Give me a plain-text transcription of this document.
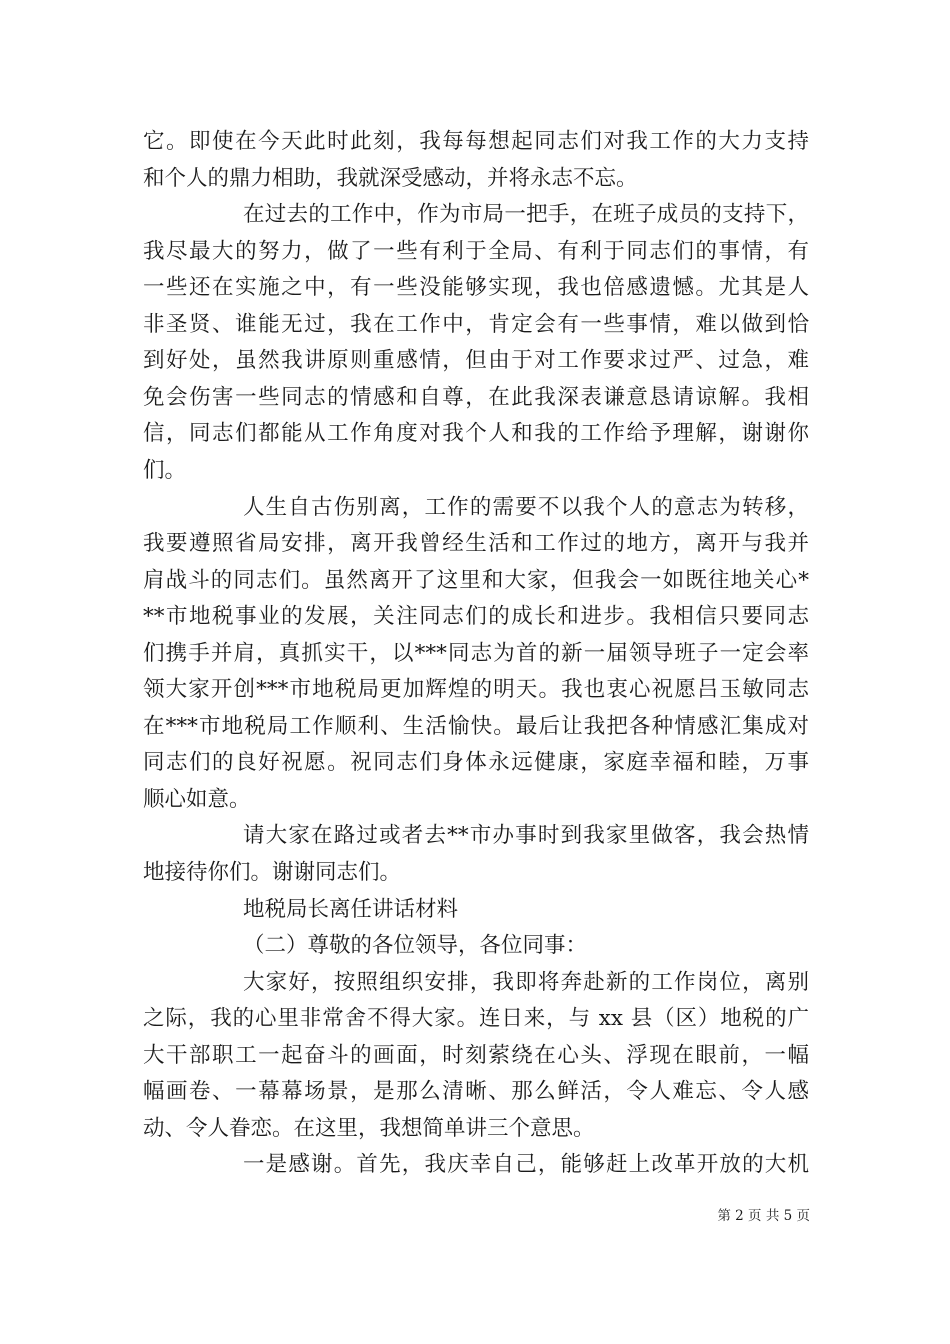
它。即使在今天此时此刻，我每每想起同志们对我工作的大力支持
和个人的鼎力相助，我就深受感动，并将永志不忘。
在过去的工作中，作为市局一把手，在班子成员的支持下，
我尽最大的努力，做了一些有利于全局、有利于同志们的事情，有
一些还在实施之中，有一些没能够实现，我也倍感遗憾。尤其是人
非圣贤、谁能无过，我在工作中，肯定会有一些事情，难以做到恰
到好处，虽然我讲原则重感情，但由于对工作要求过严、过急，难
免会伤害一些同志的情感和自尊，在此我深表谦意恳请谅解。我相
信，同志们都能从工作角度对我个人和我的工作给予理解，谢谢你
们。
人生自古伤别离，工作的需要不以我个人的意志为转移，
我要遵照省局安排，离开我曾经生活和工作过的地方，离开与我并
肩战斗的同志们。虽然离开了这里和大家，但我会一如既往地关心*
**市地税事业的发展，关注同志们的成长和进步。我相信只要同志
们携手并肩，真抓实干，以***同志为首的新一届领导班子一定会率
领大家开创***市地税局更加辉煌的明天。我也衷心祝愿吕玉敏同志
在***市地税局工作顺利、生活愉快。最后让我把各种情感汇集成对
同志们的良好祝愿。祝同志们身体永远健康，家庭幸福和睦，万事
顺心如意。
请大家在路过或者去**市办事时到我家里做客，我会热情
地接待你们。谢谢同志们。
地税局长离任讲话材料
（二）尊敬的各位领导，各位同事：
大家好，按照组织安排，我即将奔赴新的工作岗位，离别
之际，我的心里非常舍不得大家。连日来，与 xx 县（区）地税的广
大干部职工一起奋斗的画面，时刻萦绕在心头、浮现在眼前，一幅
幅画卷、一幕幕场景，是那么清晰、那么鲜活，令人难忘、令人感
动、令人眷恋。在这里，我想简单讲三个意思。
一是感谢。首先，我庆幸自己，能够赶上改革开放的大机
第 2 页 共 5 页
